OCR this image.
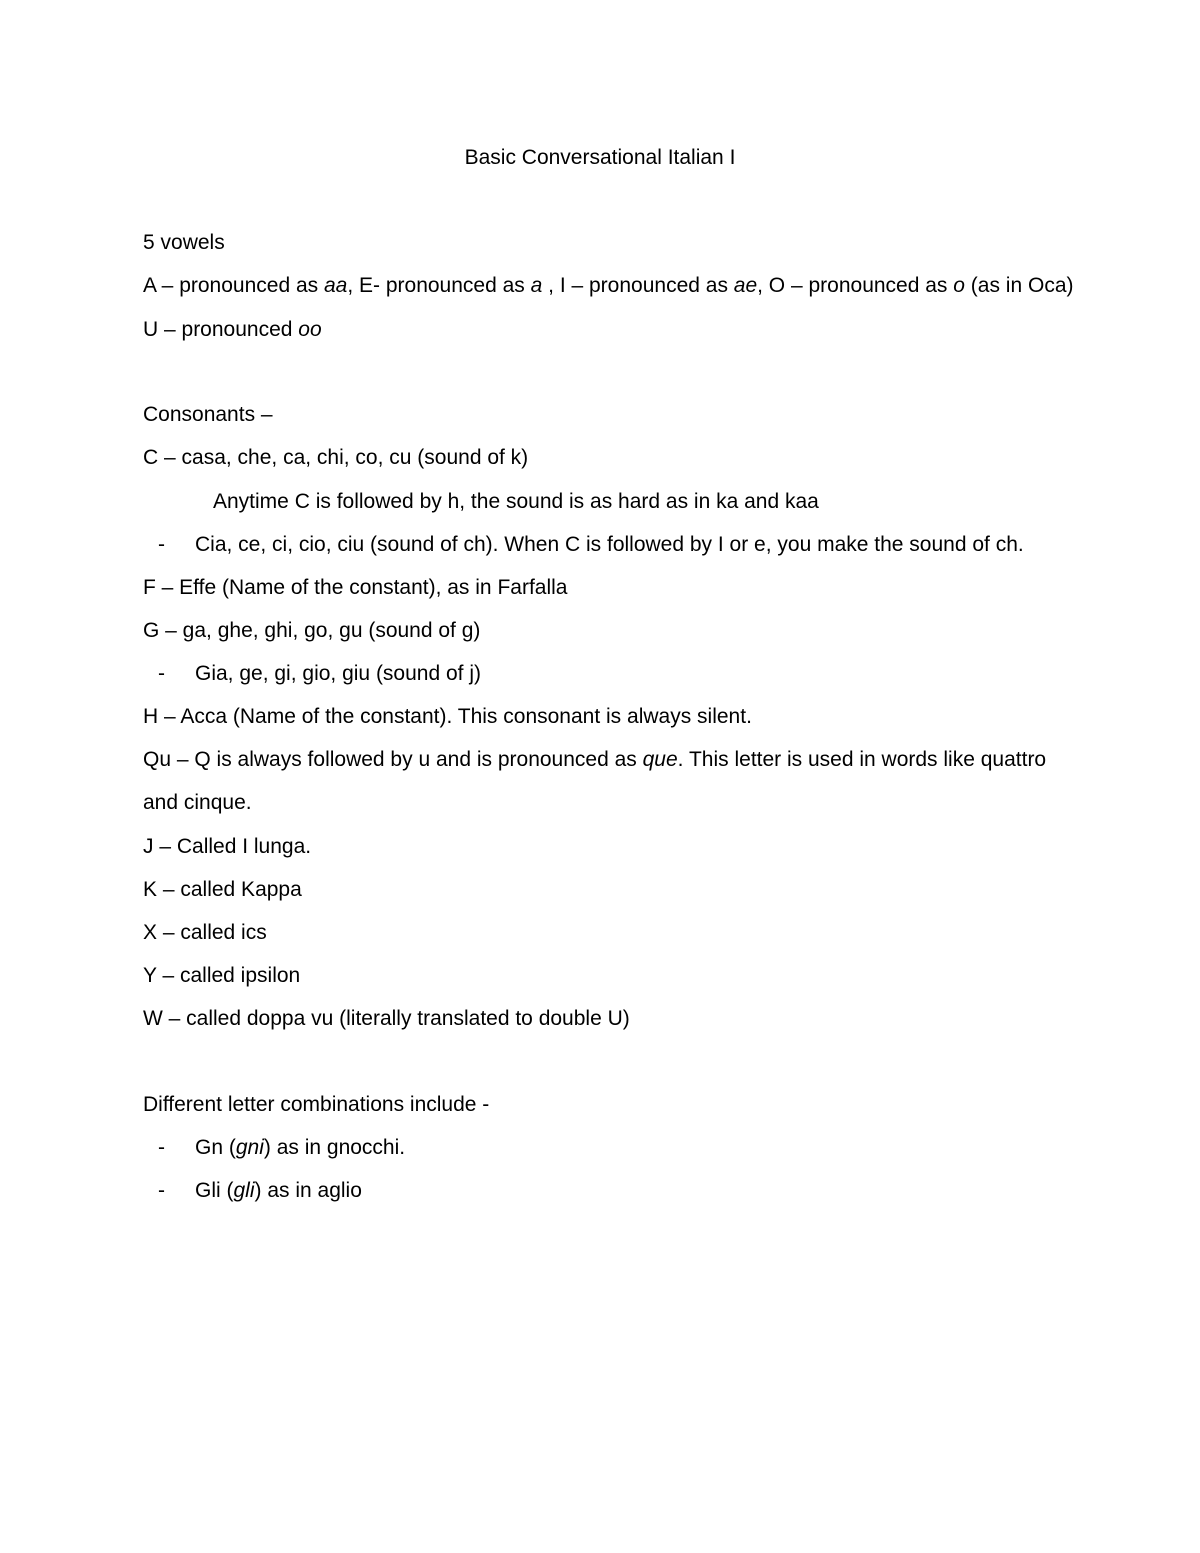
Basic Conversational Italian I
5 vowels
A – pronounced as aa, E- pronounced as a , I – pronounced as ae, O – pronounced as o (as in Oca)
U – pronounced oo
Consonants –
C – casa, che, ca, chi, co, cu (sound of k)
Anytime C is followed by h, the sound is as hard as in ka and kaa
- Cia, ce, ci, cio, ciu (sound of ch). When C is followed by I or e, you make the sound of ch.
F – Effe (Name of the constant), as in Farfalla
G – ga, ghe, ghi, go, gu (sound of g)
- Gia, ge, gi, gio, giu (sound of j)
H – Acca (Name of the constant). This consonant is always silent.
Qu – Q is always followed by u and is pronounced as que. This letter is used in words like quattro
and cinque.
J – Called I lunga.
K – called Kappa
X – called ics
Y – called ipsilon
W – called doppa vu (literally translated to double U)
Different letter combinations include -
- Gn (gni) as in gnocchi.
- Gli (gli) as in aglio
